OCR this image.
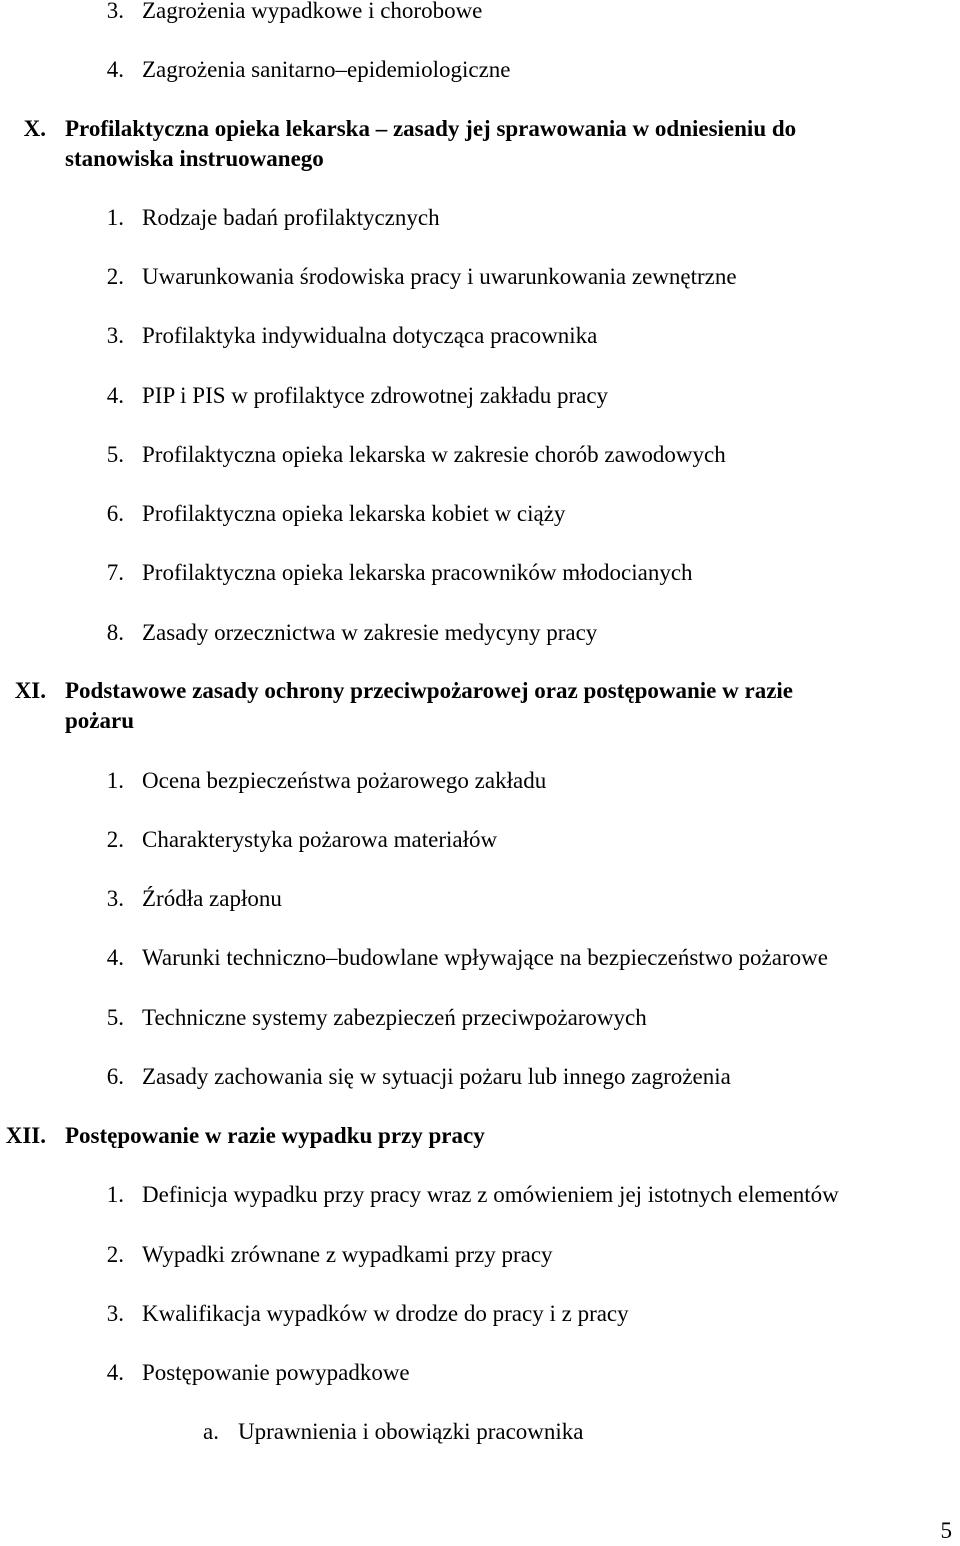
3. Zagrożenia wypadkowe i chorobowe
4. Zagrożenia sanitarno–epidemiologiczne
X. Profilaktyczna opieka lekarska – zasady jej sprawowania w odniesieniu do
stanowiska instruowanego
1. Rodzaje badań profilaktycznych
2. Uwarunkowania środowiska pracy i uwarunkowania zewnętrzne
3. Profilaktyka indywidualna dotycząca pracownika
4. PIP i PIS w profilaktyce zdrowotnej zakładu pracy
5. Profilaktyczna opieka lekarska w zakresie chorób zawodowych
6. Profilaktyczna opieka lekarska kobiet w ciąży
7. Profilaktyczna opieka lekarska pracowników młodocianych
8. Zasady orzecznictwa w zakresie medycyny pracy
XI. Podstawowe zasady ochrony przeciwpożarowej oraz postępowanie w razie
pożaru
1. Ocena bezpieczeństwa pożarowego zakładu
2. Charakterystyka pożarowa materiałów
3. Źródła zapłonu
4. Warunki techniczno–budowlane wpływające na bezpieczeństwo pożarowe
5. Techniczne systemy zabezpieczeń przeciwpożarowych
6. Zasady zachowania się w sytuacji pożaru lub innego zagrożenia
XII. Postępowanie w razie wypadku przy pracy
1. Definicja wypadku przy pracy wraz z omówieniem jej istotnych elementów
2. Wypadki zrównane z wypadkami przy pracy
3. Kwalifikacja wypadków w drodze do pracy i z pracy
4. Postępowanie powypadkowe
a. Uprawnienia i obowiązki pracownika
5
